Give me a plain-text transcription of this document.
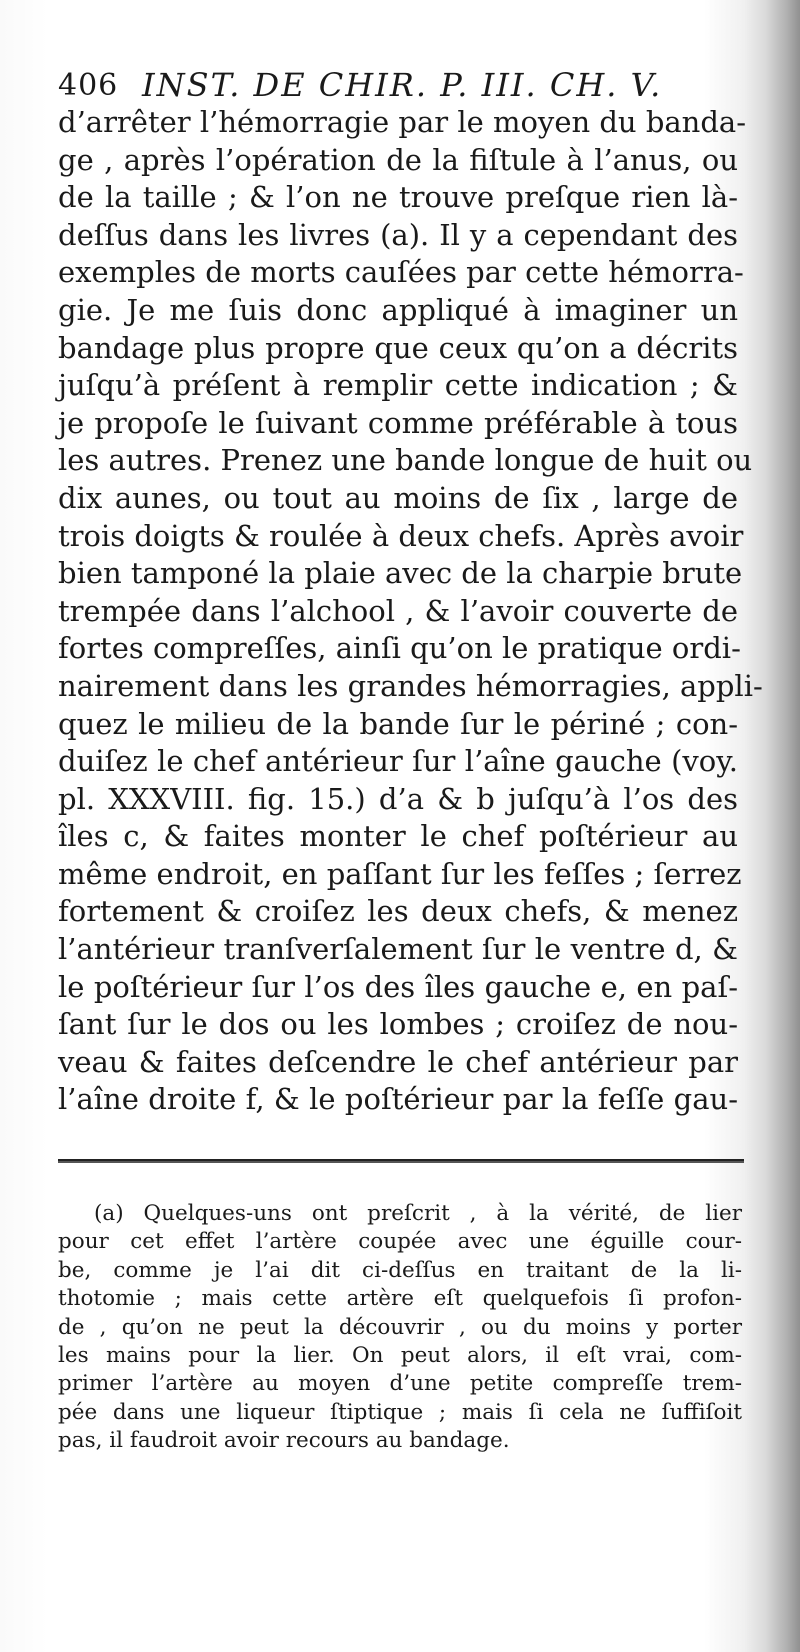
406 INST. DE CHIR. P. III. CH. V.
d’arrêter l’hémorragie par le moyen du banda-
ge , après l’opération de la fiſtule à l’anus, ou
de la taille ; & l’on ne trouve preſque rien là-
deſſus dans les livres (a). Il y a cependant des
exemples de morts cauſées par cette hémorra-
gie. Je me ſuis donc appliqué à imaginer un
bandage plus propre que ceux qu’on a décrits
juſqu’à préſent à remplir cette indication ; &
je propoſe le ſuivant comme préférable à tous
les autres. Prenez une bande longue de huit ou
dix aunes, ou tout au moins de ſix , large de
trois doigts & roulée à deux chefs. Après avoir
bien tamponé la plaie avec de la charpie brute
trempée dans l’alchool , & l’avoir couverte de
fortes compreſſes, ainſi qu’on le pratique ordi-
nairement dans les grandes hémorragies, appli-
quez le milieu de la bande ſur le périné ; con-
duiſez le chef antérieur ſur l’aîne gauche (voy.
pl. XXXVIII. fig. 15.) d’a & b juſqu’à l’os des
îles c, & faites monter le chef poſtérieur au
même endroit, en paſſant ſur les feſſes ; ſerrez
fortement & croiſez les deux chefs, & menez
l’antérieur tranſverſalement ſur le ventre d, &
le poſtérieur ſur l’os des îles gauche e, en paſ-
ſant ſur le dos ou les lombes ; croiſez de nou-
veau & faites deſcendre le chef antérieur par
l’aîne droite f, & le poſtérieur par la feſſe gau-
(a) Quelques-uns ont preſcrit , à la vérité, de lier
pour cet effet l’artère coupée avec une éguille cour-
be, comme je l’ai dit ci-deſſus en traitant de la li-
thotomie ; mais cette artère eſt quelquefois ſi profon-
de , qu’on ne peut la découvrir , ou du moins y porter
les mains pour la lier. On peut alors, il eſt vrai, com-
primer l’artère au moyen d’une petite compreſſe trem-
pée dans une liqueur ſtiptique ; mais ſi cela ne ſuffiſoit
pas, il faudroit avoir recours au bandage.
